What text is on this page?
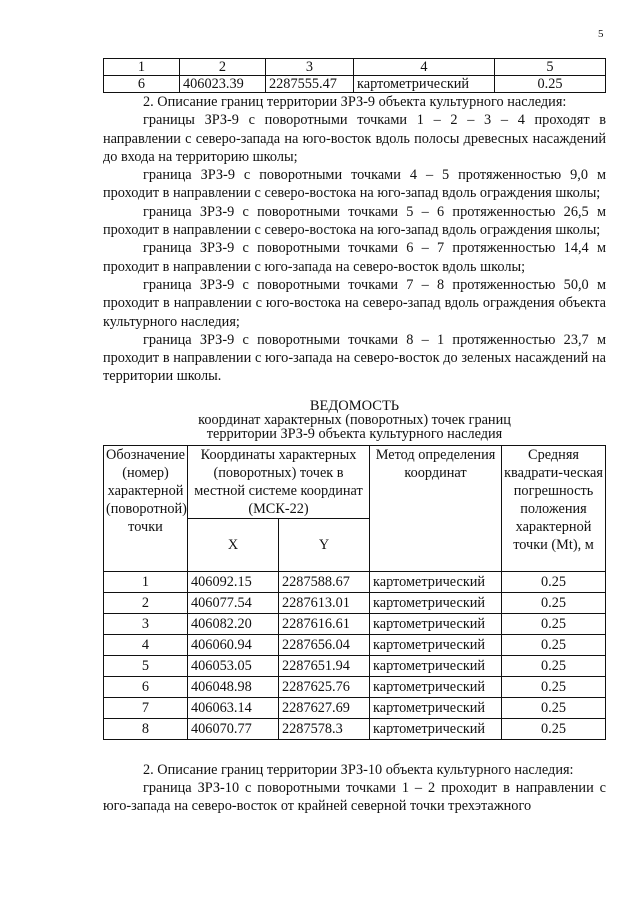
5
1	2	3	4	5
6	406023.39	2287555.47	картометрический	0.25

2. Описание границ территории ЗРЗ-9 объекта культурного наследия:

границы ЗРЗ-9 с поворотными точками 1 – 2 – 3 – 4 проходят в направлении с северо-запада на юго-восток вдоль полосы древесных насаждений до входа на территорию школы;

граница ЗРЗ-9 с поворотными точками 4 – 5 протяженностью 9,0 м проходит в направлении с северо-востока на юго-запад вдоль ограждения школы;

граница ЗРЗ-9 с поворотными точками 5 – 6 протяженностью 26,5 м проходит в направлении с северо-востока на юго-запад вдоль ограждения школы;

граница ЗРЗ-9 с поворотными точками 6 – 7 протяженностью 14,4 м проходит в направлении с юго-запада на северо-восток вдоль школы;

граница ЗРЗ-9 с поворотными точками 7 – 8 протяженностью 50,0 м проходит в направлении с юго-востока на северо-запад вдоль ограждения объекта культурного наследия;

граница ЗРЗ-9 с поворотными точками 8 – 1 протяженностью 23,7 м проходит в направлении с юго-запада на северо-восток до зеленых насаждений на территории школы.

ВЕДОМОСТЬ
координат характерных (поворотных) точек границ
территории ЗРЗ-9 объекта культурного наследия
Обозначение (номер) характерной (поворотной) точки	Координаты характерных (поворотных) точек в местной системе координат (МСК-22)		Метод определения координат	Средняя квадрати-ческая погрешность положения характерной точки (Mt), м
	X	Y		
1	406092.15	2287588.67	картометрический	0.25
2	406077.54	2287613.01	картометрический	0.25
3	406082.20	2287616.61	картометрический	0.25
4	406060.94	2287656.04	картометрический	0.25
5	406053.05	2287651.94	картометрический	0.25
6	406048.98	2287625.76	картометрический	0.25
7	406063.14	2287627.69	картометрический	0.25
8	406070.77	2287578.3	картометрический	0.25

2. Описание границ территории ЗРЗ-10 объекта культурного наследия:

граница ЗРЗ-10 с поворотными точками 1 – 2 проходит в направлении с юго-запада на северо-восток от крайней северной точки трехэтажного
